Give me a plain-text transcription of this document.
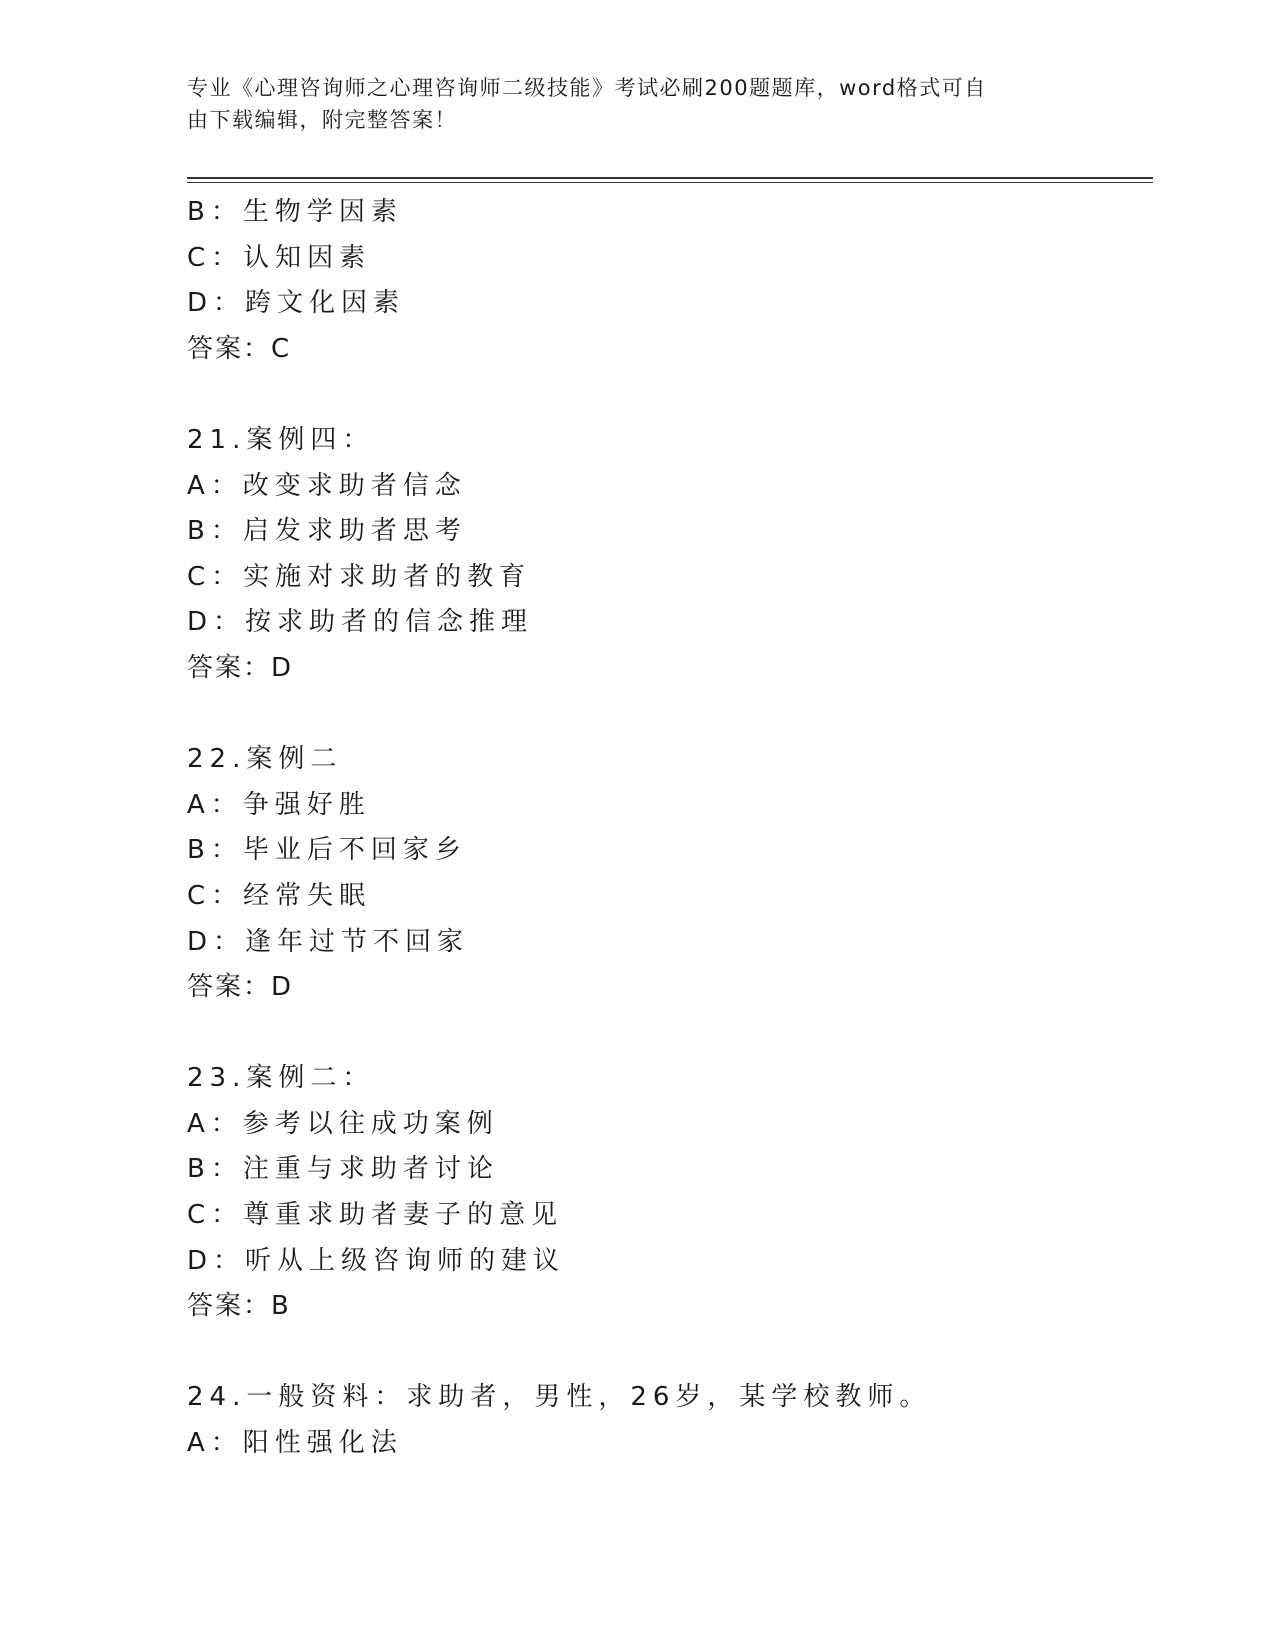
专业《心理咨询师之心理咨询师二级技能》考试必刷200题题库，word格式可自
由下载编辑，附完整答案！
B：生物学因素
C：认知因素
D：跨文化因素
答案：C
21.案例四：
A：改变求助者信念
B：启发求助者思考
C：实施对求助者的教育
D：按求助者的信念推理
答案：D
22.案例二
A：争强好胜
B：毕业后不回家乡
C：经常失眠
D：逢年过节不回家
答案：D
23.案例二：
A：参考以往成功案例
B：注重与求助者讨论
C：尊重求助者妻子的意见
D：听从上级咨询师的建议
答案：B
24.一般资料：求助者，男性，26岁，某学校教师。
A：阳性强化法
